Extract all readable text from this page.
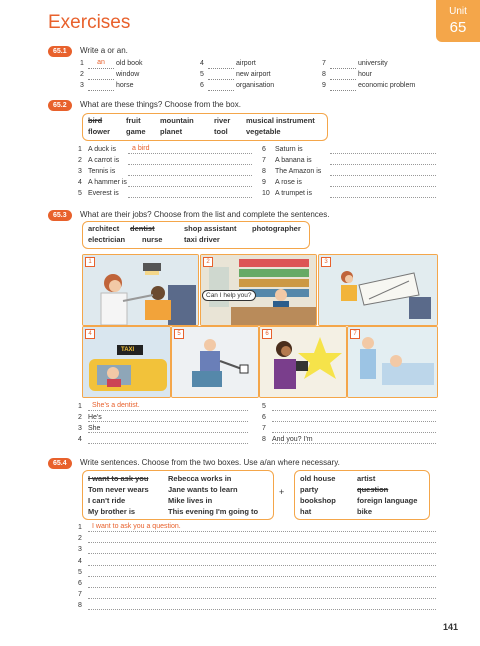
Exercises
Unit
65
65.1	Write a or an.
1	an	old book
2	window
3	horse
4	airport
5	new airport
6	organisation
7	university
8	hour
9	economic problem
65.2	What are these things? Choose from the box.
bird	fruit	mountain	river musical instrument
flower game planet	tool vegetable
1 A duck is a bird
2 A carrot is
3 Tennis is
4 A hammer is
5 Everest is
6 Saturn is
7 A banana is
8 The Amazon is
9 A rose is
10 A trumpet is
65.3	What are their jobs? Choose from the list and complete the sentences.
architect dentist	shop assistant photographer
electrician nurse	taxi driver
1	2
Can I help you?
3
4
TAXI
5	6	7
1 She's a dentist.
2 He's
3 She
4
5
6
7
8 And you? I'm
65.4	Write sentences. Choose from the two boxes. Use a/an where necessary.
+
I want to ask you
Tom never wears
I can't ride
My brother is
Rebecca works in
Jane wants to learn
Mike lives in
This evening I'm going to
old house
party
bookshop
hat
artist
question
foreign language
bike
1 I want to ask you a question.
2
3
4
5
6
7
8
141
